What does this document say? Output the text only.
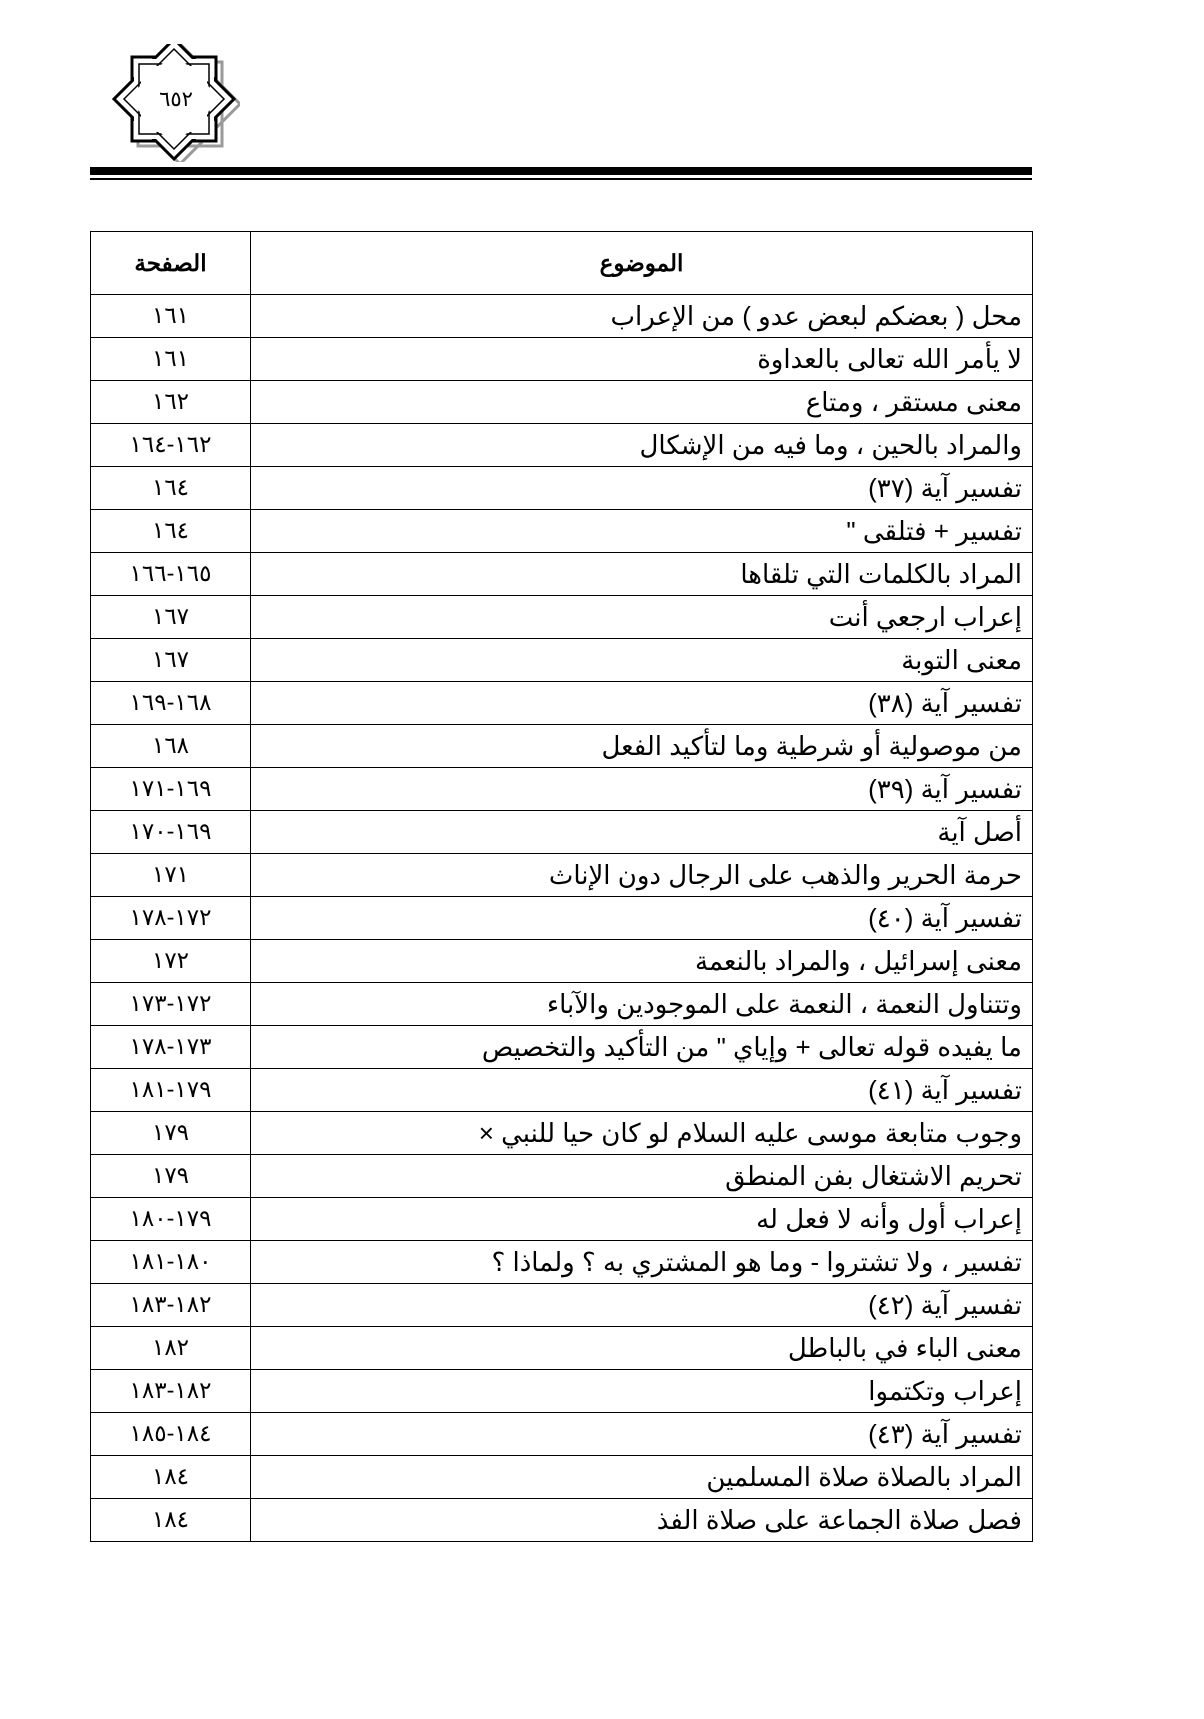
٦٥٢
الموضوع	الصفحة
محل ( بعضكم لبعض عدو ) من الإعراب	١٦١
لا يأمر الله تعالى بالعداوة	١٦١
معنى مستقر ، ومتاع	١٦٢
والمراد بالحين ، وما فيه من الإشكال	١٦٢-١٦٤
تفسير آية (٣٧)	١٦٤
تفسير + فتلقى "	١٦٤
المراد بالكلمات التي تلقاها	١٦٥-١٦٦
إعراب ارجعي أنت	١٦٧
معنى التوبة	١٦٧
تفسير آية (٣٨)	١٦٨-١٦٩
من موصولية أو شرطية وما لتأكيد الفعل	١٦٨
تفسير آية (٣٩)	١٦٩-١٧١
أصل آية	١٦٩-١٧٠
حرمة الحرير والذهب على الرجال دون الإناث	١٧١
تفسير آية (٤٠)	١٧٢-١٧٨
معنى إسرائيل ، والمراد بالنعمة	١٧٢
وتتناول النعمة ، النعمة على الموجودين والآباء	١٧٢-١٧٣
ما يفيده قوله تعالى + وإياي " من التأكيد والتخصيص	١٧٣-١٧٨
تفسير آية (٤١)	١٧٩-١٨١
وجوب متابعة موسى عليه السلام لو كان حيا للنبي ×	١٧٩
تحريم الاشتغال بفن المنطق	١٧٩
إعراب أول وأنه لا فعل له	١٧٩-١٨٠
تفسير ، ولا تشتروا - وما هو المشتري به ؟ ولماذا ؟	١٨٠-١٨١
تفسير آية (٤٢)	١٨٢-١٨٣
معنى الباء في بالباطل	١٨٢
إعراب وتكتموا	١٨٢-١٨٣
تفسير آية (٤٣)	١٨٤-١٨٥
المراد بالصلاة صلاة المسلمين	١٨٤
فصل صلاة الجماعة على صلاة الفذ	١٨٤
